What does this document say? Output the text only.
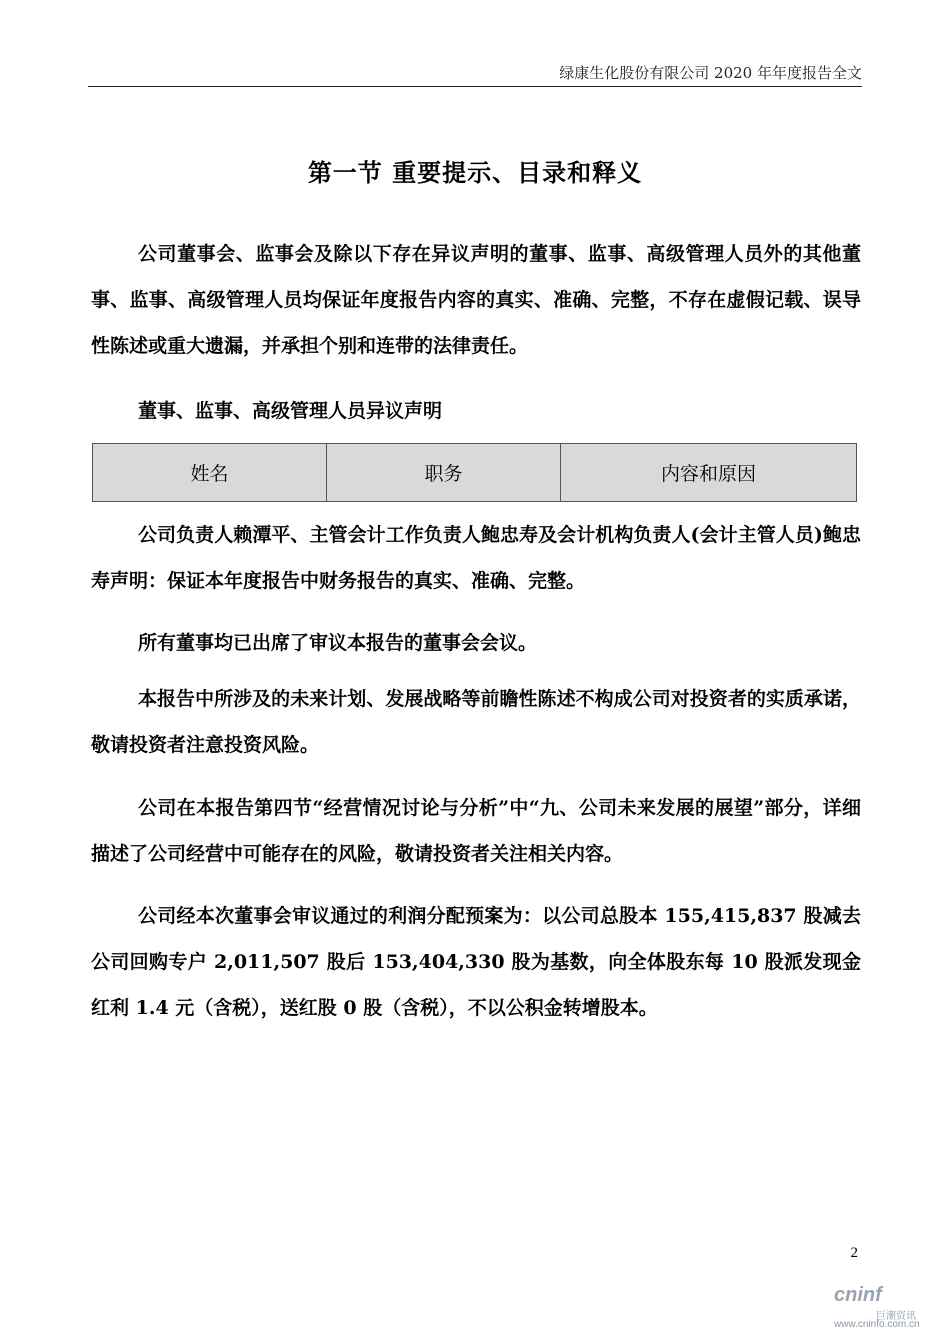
绿康生化股份有限公司 2020 年年度报告全文
第一节 重要提示、目录和释义
公司董事会、监事会及除以下存在异议声明的董事、监事、高级管理人员外的其他董事、监事、高级管理人员均保证年度报告内容的真实、准确、完整，不存在虚假记载、误导性陈述或重大遗漏，并承担个别和连带的法律责任。
董事、监事、高级管理人员异议声明
姓名	职务	内容和原因
公司负责人赖潭平、主管会计工作负责人鲍忠寿及会计机构负责人(会计主管人员)鲍忠寿声明：保证本年度报告中财务报告的真实、准确、完整。
所有董事均已出席了审议本报告的董事会会议。
本报告中所涉及的未来计划、发展战略等前瞻性陈述不构成公司对投资者的实质承诺，敬请投资者注意投资风险。
公司在本报告第四节“经营情况讨论与分析”中“九、公司未来发展的展望”部分，详细描述了公司经营中可能存在的风险，敬请投资者关注相关内容。
公司经本次董事会审议通过的利润分配预案为：以公司总股本 155,415,837 股减去公司回购专户 2,011,507 股后 153,404,330 股为基数，向全体股东每 10 股派发现金红利 1.4 元（含税），送红股 0 股（含税），不以公积金转增股本。
2
cninf
巨潮资讯
www.cninfo.com.cn
